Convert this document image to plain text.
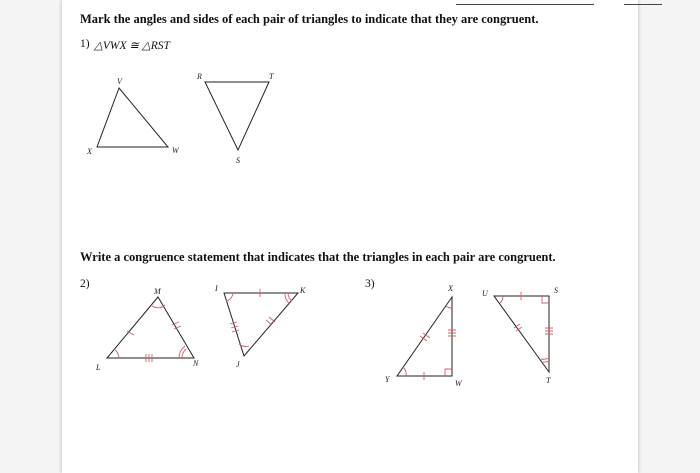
Mark the angles and sides of each pair of triangles to indicate that they are congruent.
1) △VWX ≅ △RST
Write a congruence statement that indicates that the triangles in each pair are congruent.
2)	3)
V
X	W
R	T
S
M
L	N
I	K
J
X
Y	W
U	S
T
